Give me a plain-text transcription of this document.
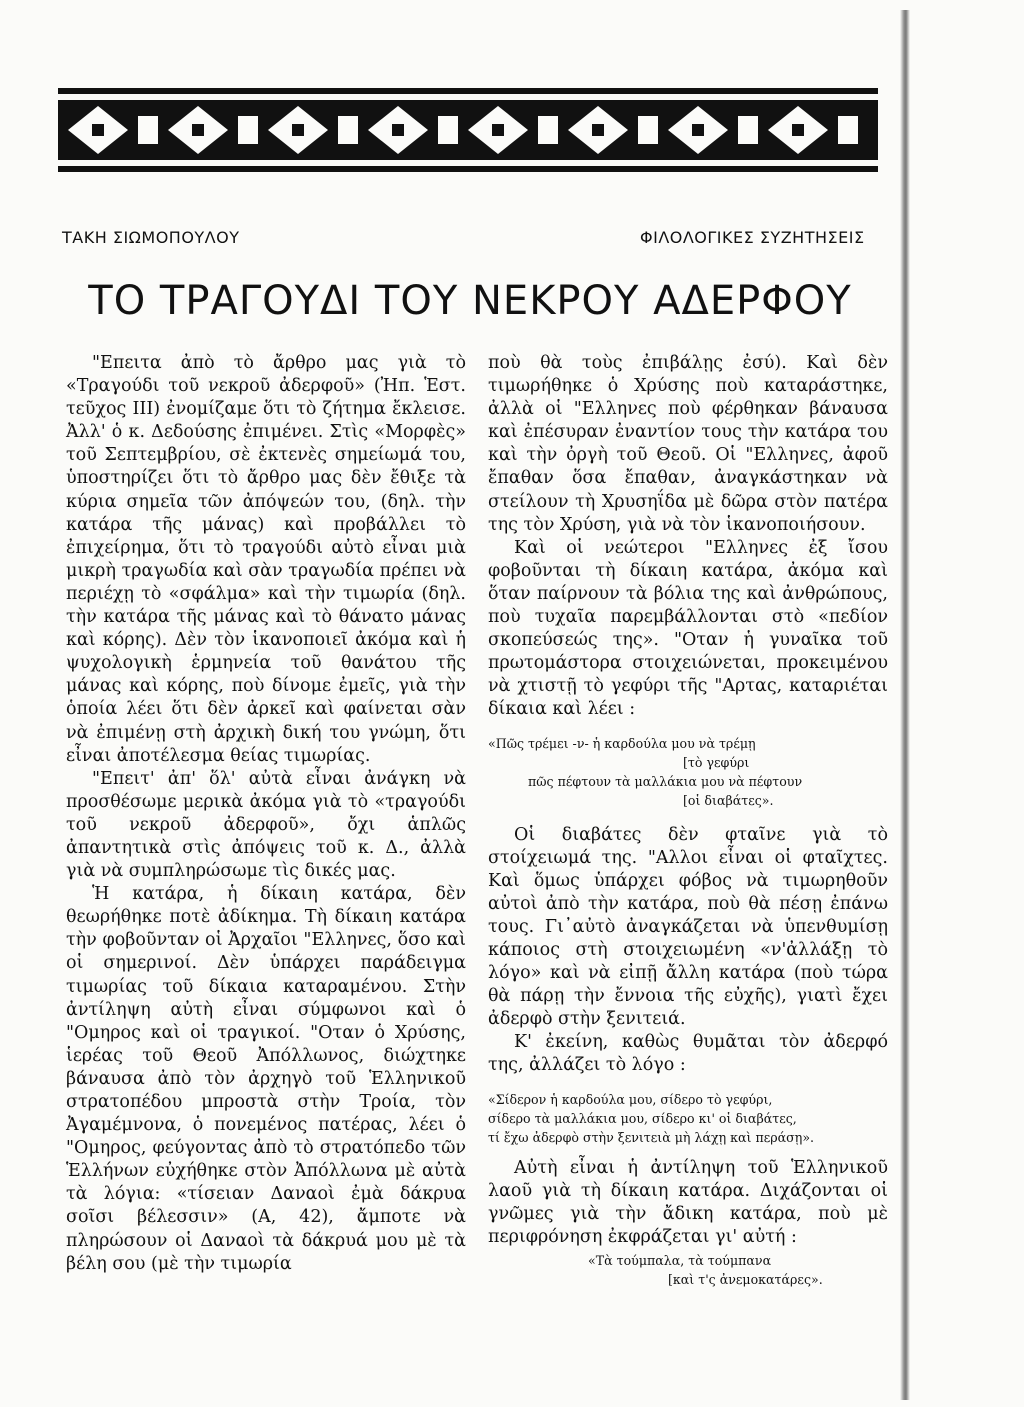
ΤΑΚΗ ΣΙΩΜΟΠΟΥΛΟΥ	ΦΙΛΟΛΟΓΙΚΕΣ ΣΥΖΗΤΗΣΕΙΣ
ΤΟ ΤΡΑΓΟΥΔΙ ΤΟΥ ΝΕΚΡΟΥ ΑΔΕΡΦΟΥ

"Επειτα ἀπὸ τὸ ἄρθρο μας γιὰ τὸ «Τραγούδι τοῦ νεκροῦ ἀδερφοῦ» (Ἠπ. Ἑστ. τεῦχος ΙΙΙ) ἐνομίζαμε ὅτι τὸ ζήτημα ἔκλεισε. Ἀλλ' ὁ κ. Δεδούσης ἐπιμένει. Στὶς «Μορφὲς» τοῦ Σεπτεμβρίου, σὲ ἐκτενὲς σημείωμά του, ὑποστηρίζει ὅτι τὸ ἄρθρο μας δὲν ἔθιξε τὰ κύρια σημεῖα τῶν ἀπόψεών του, (δηλ. τὴν κατάρα τῆς μάνας) καὶ προβάλλει τὸ ἐπιχείρημα, ὅτι τὸ τραγούδι αὐτὸ εἶναι μιὰ μικρὴ τραγωδία καὶ σὰν τραγωδία πρέπει νὰ περιέχῃ τὸ «σφάλμα» καὶ τὴν τιμωρία (δηλ. τὴν κατάρα τῆς μάνας καὶ τὸ θάνατο μάνας καὶ κόρης). Δὲν τὸν ἱκανοποιεῖ ἀκόμα καὶ ἡ ψυχολογικὴ ἑρμηνεία τοῦ θανάτου τῆς μάνας καὶ κόρης, ποὺ δίνομε ἐμεῖς, γιὰ τὴν ὁποία λέει ὅτι δὲν ἀρκεῖ καὶ φαίνεται σὰν νὰ ἐπιμένῃ στὴ ἀρχικὴ δική του γνώμη, ὅτι εἶναι ἀποτέλεσμα θείας τιμωρίας.

"Επειτ' ἀπ' ὅλ' αὐτὰ εἶναι ἀνάγκη νὰ προσθέσωμε μερικὰ ἀκόμα γιὰ τὸ «τραγούδι τοῦ νεκροῦ ἀδερφοῦ», ὄχι ἁπλῶς ἀπαντητικὰ στὶς ἀπόψεις τοῦ κ. Δ., ἀλλὰ γιὰ νὰ συμπληρώσωμε τὶς δικές μας.

Ἡ κατάρα, ἡ δίκαιη κατάρα, δὲν θεωρήθηκε ποτὲ ἀδίκημα. Τὴ δίκαιη κατάρα τὴν φοβοῦνταν οἱ Ἀρχαῖοι "Ελληνες, ὅσο καὶ οἱ σημερινοί. Δὲν ὑπάρχει παράδειγμα τιμωρίας τοῦ δίκαια καταραμένου. Στὴν ἀντίληψη αὐτὴ εἶναι σύμφωνοι καὶ ὁ "Ομηρος καὶ οἱ τραγικοί. "Οταν ὁ Χρύσης, ἱερέας τοῦ Θεοῦ Ἀπόλλωνος, διώχτηκε βάναυσα ἀπὸ τὸν ἀρχηγὸ τοῦ Ἑλληνικοῦ στρατοπέδου μπροστὰ στὴν Τροία, τὸν Ἀγαμέμνονα, ὁ πονεμένος πατέρας, λέει ὁ "Ομηρος, φεύγοντας ἀπὸ τὸ στρατόπεδο τῶν Ἑλλήνων εὐχήθηκε στὸν Ἀπόλλωνα μὲ αὐτὰ τὰ λόγια: «τίσειαν Δαναοὶ ἐμὰ δάκρυα σοῖσι βέλεσσιν» (Α, 42), ἄμποτε νὰ πληρώσουν οἱ Δαναοὶ τὰ δάκρυά μου μὲ τὰ βέλη σου (μὲ τὴν τιμωρία

ποὺ θὰ τοὺς ἐπιβάλῃς ἐσύ). Καὶ δὲν τιμωρήθηκε ὁ Χρύσης ποὺ καταράστηκε, ἀλλὰ οἱ "Ελληνες ποὺ φέρθηκαν βάναυσα καὶ ἐπέσυραν ἐναντίον τους τὴν κατάρα του καὶ τὴν ὀργὴ τοῦ Θεοῦ. Οἱ "Ελληνες, ἀφοῦ ἔπαθαν ὅσα ἔπαθαν, ἀναγκάστηκαν νὰ στείλουν τὴ Χρυσηΐδα μὲ δῶρα στὸν πατέρα της τὸν Χρύση, γιὰ νὰ τὸν ἱκανοποιήσουν.

Καὶ οἱ νεώτεροι "Ελληνες ἐξ ἴσου φοβοῦνται τὴ δίκαιη κατάρα, ἀκόμα καὶ ὅταν παίρνουν τὰ βόλια της καὶ ἀνθρώπους, ποὺ τυχαῖα παρεμβάλλονται στὸ «πεδίον σκοπεύσεώς της». "Οταν ἡ γυναῖκα τοῦ πρωτομάστορα στοιχειώνεται, προκειμένου νὰ χτιστῇ τὸ γεφύρι τῆς "Αρτας, καταριέται δίκαια καὶ λέει :

«Πῶς τρέμει -ν- ἡ καρδούλα μου νὰ τρέμῃ
[τὸ γεφύρι
πῶς πέφτουν τὰ μαλλάκια μου νὰ πέφτουν
[οἱ διαβάτες».

Οἱ διαβάτες δὲν φταῖνε γιὰ τὸ στοίχειωμά της. "Αλλοι εἶναι οἱ φταῖχτες. Καὶ ὅμως ὑπάρχει φόβος νὰ τιμωρηθοῦν αὐτοὶ ἀπὸ τὴν κατάρα, ποὺ θὰ πέσῃ ἐπάνω τους. Γι᾽αὐτὸ ἀναγκάζεται νὰ ὑπενθυμίσῃ κάποιος στὴ στοιχειωμένη «ν'ἀλλάξῃ τὸ λόγο» καὶ νὰ εἰπῇ ἄλλη κατάρα (ποὺ τώρα θὰ πάρῃ τὴν ἔννοια τῆς εὐχῆς), γιατὶ ἔχει ἀδερφὸ στὴν ξενιτειά.

Κ' ἐκείνη, καθὼς θυμᾶται τὸν ἀδερφό της, ἀλλάζει τὸ λόγο :

«Σίδερον ἡ καρδούλα μου, σίδερο τὸ γεφύρι,
σίδερο τὰ μαλλάκια μου, σίδερο κι' οἱ διαβάτες,
τί ἔχω ἀδερφὸ στὴν ξενιτειὰ μὴ λάχῃ καὶ περάσῃ».

Αὐτὴ εἶναι ἡ ἀντίληψη τοῦ Ἑλληνικοῦ λαοῦ γιὰ τὴ δίκαιη κατάρα. Διχάζονται οἱ γνῶμες γιὰ τὴν ἄδικη κατάρα, ποὺ μὲ περιφρόνηση ἐκφράζεται γι' αὐτή :

«Τὰ τούμπαλα, τὰ τούμπανα
[καὶ τ'ς ἀνεμοκατάρες».
